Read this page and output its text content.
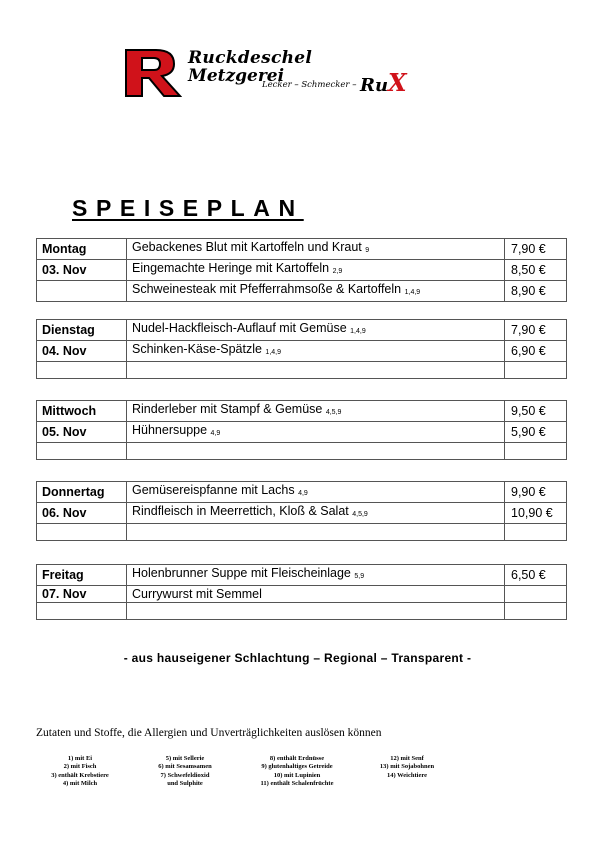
Ruckdeschel
Metzgerei
Lecker – Schmecker – RuX
SPEISEPLAN
Montag	Gebackenes Blut mit Kartoffeln und Kraut 9	7,90 €
03. Nov	Eingemachte Heringe mit Kartoffeln 2,9	8,50 €
	Schweinesteak mit Pfefferrahmsoße & Kartoffeln 1,4,9	8,90 €
Dienstag	Nudel-Hackfleisch-Auflauf mit Gemüse 1,4,9	7,90 €
04. Nov	Schinken-Käse-Spätzle 1,4,9	6,90 €

Mittwoch	Rinderleber mit Stampf & Gemüse 4,5,9	9,50 €
05. Nov	Hühnersuppe 4,9	5,90 €

Donnertag	Gemüsereispfanne mit Lachs 4,9	9,90 €
06. Nov	Rindfleisch in Meerrettich, Kloß & Salat 4,5,9	10,90 €

Freitag	Holenbrunner Suppe mit Fleischeinlage 5,9	6,50 €
07. Nov	Currywurst mit Semmel	

- aus hauseigener Schlachtung – Regional – Transparent -
Zutaten und Stoffe, die Allergien und Unverträglichkeiten auslösen können
1) mit Ei
2) mit Fisch
3) enthält Krebstiere
4) mit Milch
5) mit Sellerie
6) mit Sesamsamen
7) Schwefeldioxid
und Sulphite
8) enthält Erdnüsse
9) glutenhaltiges Getreide
10) mit Lupinien
11) enthält Schalenfrüchte
12) mit Senf
13) mit Sojabohnen
14) Weichtiere
